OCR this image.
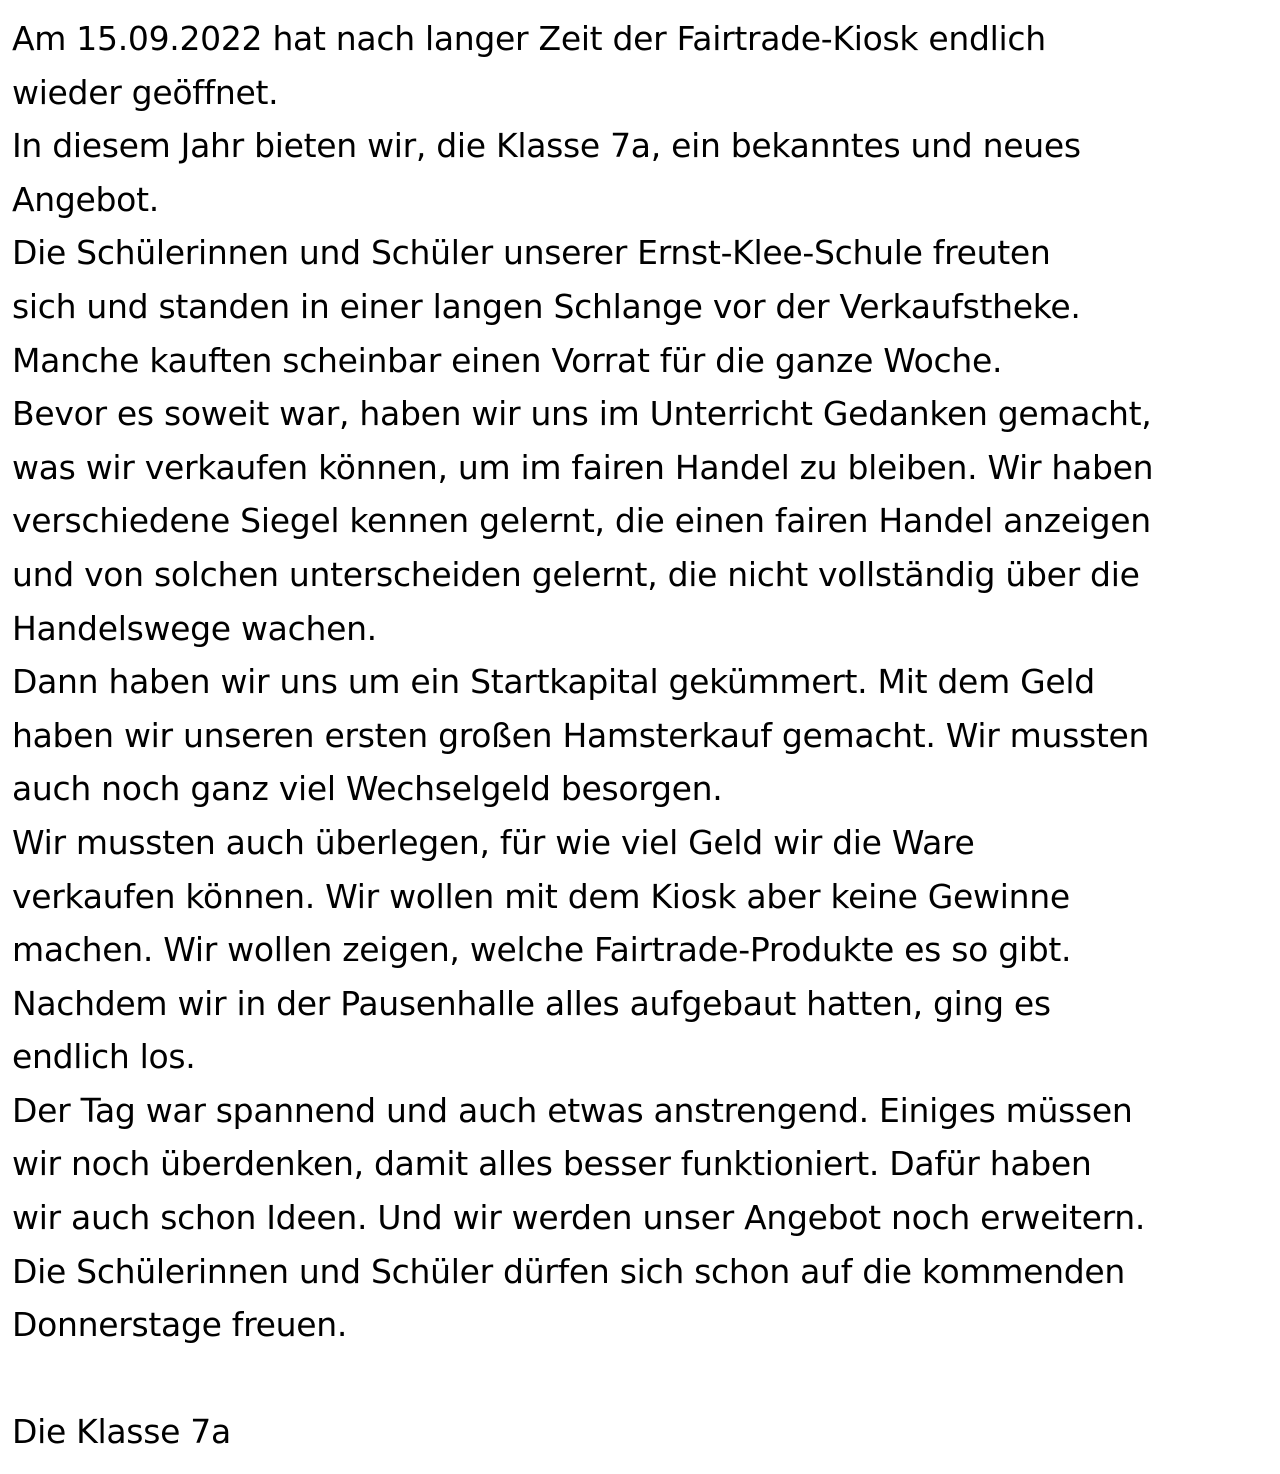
Am 15.09.2022 hat nach langer Zeit der Fairtrade-Kiosk endlich
wieder geöffnet.

In diesem Jahr bieten wir, die Klasse 7a, ein bekanntes und neues
Angebot.

Die Schülerinnen und Schüler unserer Ernst-Klee-Schule freuten
sich und standen in einer langen Schlange vor der Verkaufstheke.
Manche kauften scheinbar einen Vorrat für die ganze Woche.

Bevor es soweit war, haben wir uns im Unterricht Gedanken gemacht,
was wir verkaufen können, um im fairen Handel zu bleiben. Wir haben
verschiedene Siegel kennen gelernt, die einen fairen Handel anzeigen
und von solchen unterscheiden gelernt, die nicht vollständig über die
Handelswege wachen.

Dann haben wir uns um ein Startkapital gekümmert. Mit dem Geld
haben wir unseren ersten großen Hamsterkauf gemacht. Wir mussten
auch noch ganz viel Wechselgeld besorgen.

Wir mussten auch überlegen, für wie viel Geld wir die Ware
verkaufen können. Wir wollen mit dem Kiosk aber keine Gewinne
machen. Wir wollen zeigen, welche Fairtrade-Produkte es so gibt.

Nachdem wir in der Pausenhalle alles aufgebaut hatten, ging es
endlich los.

Der Tag war spannend und auch etwas anstrengend. Einiges müssen
wir noch überdenken, damit alles besser funktioniert. Dafür haben
wir auch schon Ideen. Und wir werden unser Angebot noch erweitern.
Die Schülerinnen und Schüler dürfen sich schon auf die kommenden
Donnerstage freuen.

Die Klasse 7a
